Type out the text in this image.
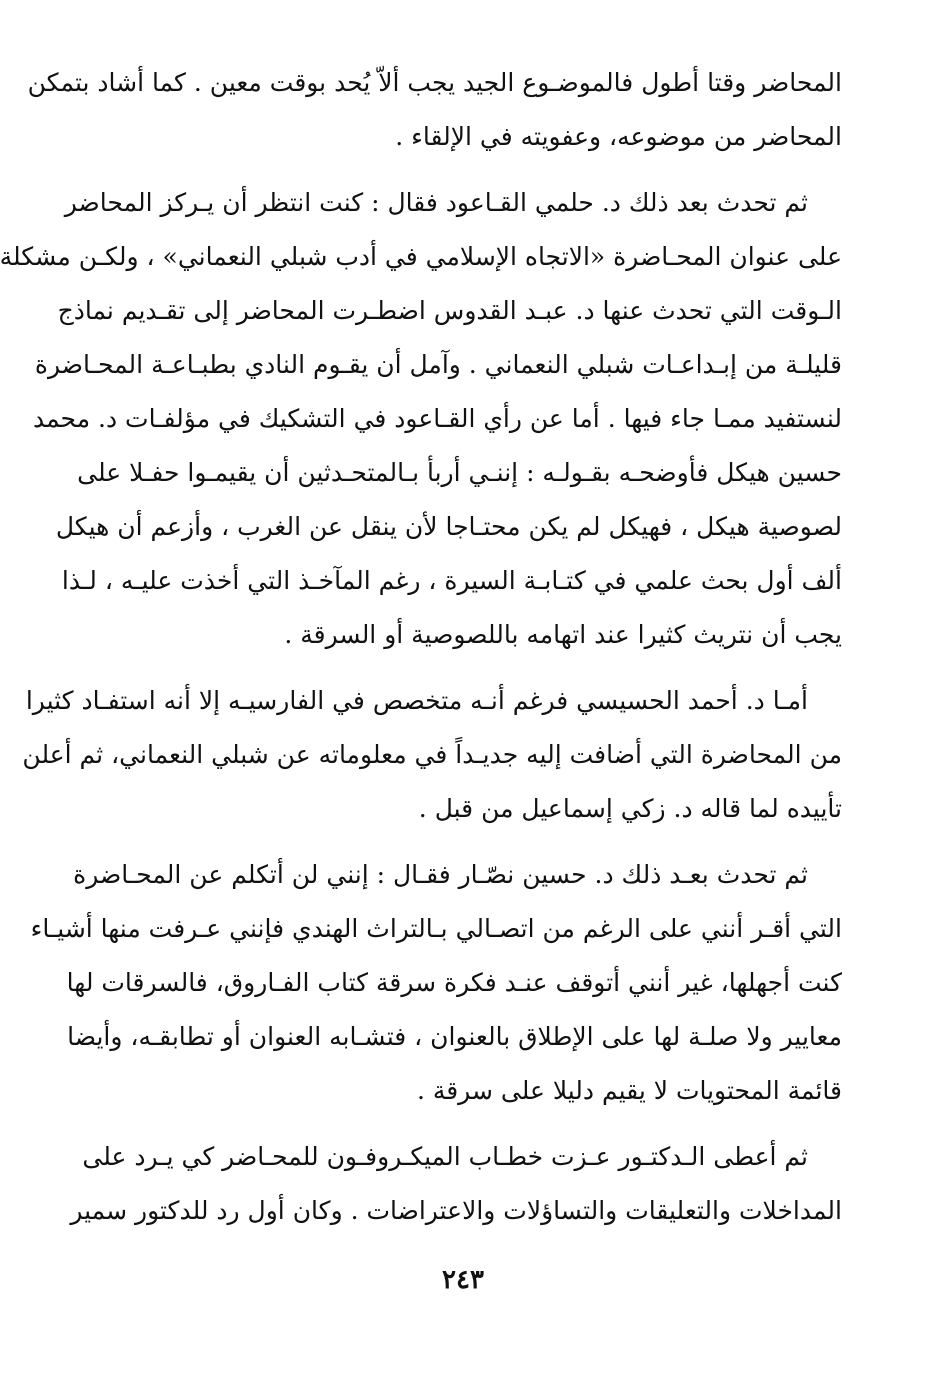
المحاضر وقتا أطول فالموضـوع الجيد يجب ألاّ يُحد بوقت معين . كما أشاد بتمكن
المحاضر من موضوعه، وعفويته في الإلقاء .
ثم تحدث بعد ذلك د. حلمي القـاعود فقال : كنت انتظر أن يـركز المحاضر
على عنوان المحـاضرة «الاتجاه الإسلامي في أدب شبلي النعماني» ، ولكـن مشكلة
الـوقت التي تحدث عنها د. عبـد القدوس اضطـرت المحاضر إلى تقـديم نماذج
قليلـة من إبـداعـات شبلي النعماني . وآمل أن يقـوم النادي بطبـاعـة المحـاضرة
لنستفيد ممـا جاء فيها . أما عن رأي القـاعود في التشكيك في مؤلفـات د. محمد
حسين هيكل فأوضحـه بقـولـه : إننـي أربأ بـالمتحـدثين أن يقيمـوا حفـلا على
لصوصية هيكل ، فهيكل لم يكن محتـاجا لأن ينقل عن الغرب ، وأزعم أن هيكل
ألف أول بحث علمي في كتـابـة السيرة ، رغم المآخـذ التي أخذت عليـه ، لـذا
يجب أن نتريث كثيرا عند اتهامه باللصوصية أو السرقة .
أمـا د. أحمد الحسيسي فرغم أنـه متخصص في الفارسيـه إلا أنه استفـاد كثيرا
من المحاضرة التي أضافت إليه جديـداً في معلوماته عن شبلي النعماني، ثم أعلن
تأييده لما قاله د. زكي إسماعيل من قبل .
ثم تحدث بعـد ذلك د. حسين نصّـار فقـال : إنني لن أتكلم عن المحـاضرة
التي أقـر أنني على الرغم من اتصـالي بـالتراث الهندي فإنني عـرفت منها أشيـاء
كنت أجهلها، غير أنني أتوقف عنـد فكرة سرقة كتاب الفـاروق، فالسرقات لها
معايير ولا صلـة لها على الإطلاق بالعنوان ، فتشـابه العنوان أو تطابقـه، وأيضا
قائمة المحتويات لا يقيم دليلا على سرقة .
ثم أعطى الـدكتـور عـزت خطـاب الميكـروفـون للمحـاضر كي يـرد على
المداخلات والتعليقات والتساؤلات والاعتراضات . وكان أول رد للدكتور سمير
٢٤٣
